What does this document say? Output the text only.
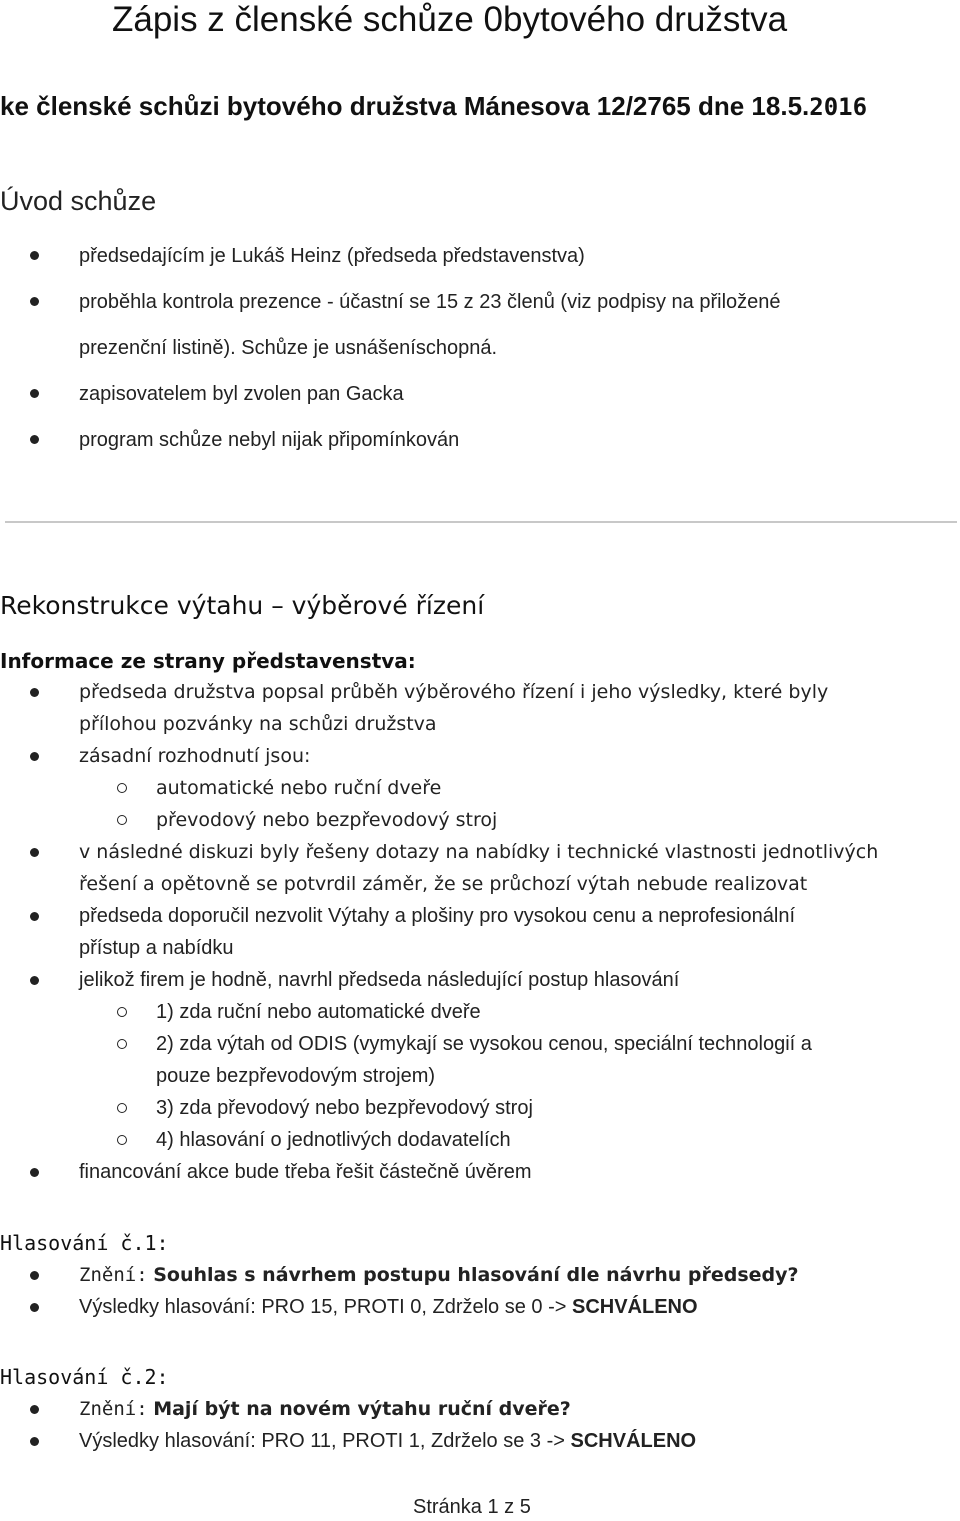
Zápis z členské schůze 0bytového družstva
ke členské schůzi bytového družstva Mánesova 12/2765 dne 18.5.2016
Úvod schůze
předsedajícím je Lukáš Heinz (předseda představenstva)
proběhla kontrola prezence - účastní se 15 z 23 členů (viz podpisy na přiložené
prezenční listině). Schůze je usnášeníschopná.
zapisovatelem byl zvolen pan Gacka
program schůze nebyl nijak připomínkován
Rekonstrukce výtahu – výběrové řízení
Informace ze strany představenstva:
předseda družstva popsal průběh výběrového řízení i jeho výsledky, které byly
přílohou pozvánky na schůzi družstva
zásadní rozhodnutí jsou:
automatické nebo ruční dveře
převodový nebo bezpřevodový stroj
v následné diskuzi byly řešeny dotazy na nabídky i technické vlastnosti jednotlivých
řešení a opětovně se potvrdil záměr, že se průchozí výtah nebude realizovat
předseda doporučil nezvolit Výtahy a plošiny pro vysokou cenu a neprofesionální
přístup a nabídku
jelikož firem je hodně, navrhl předseda následující postup hlasování
1) zda ruční nebo automatické dveře
2) zda výtah od ODIS (vymykají se vysokou cenou, speciální technologií a
pouze bezpřevodovým strojem)
3) zda převodový nebo bezpřevodový stroj
4) hlasování o jednotlivých dodavatelích
financování akce bude třeba řešit částečně úvěrem
Hlasování č.1:
Znění: Souhlas s návrhem postupu hlasování dle návrhu předsedy?
Výsledky hlasování: PRO 15, PROTI 0, Zdrželo se 0 -> SCHVÁLENO
Hlasování č.2:
Znění: Mají být na novém výtahu ruční dveře?
Výsledky hlasování: PRO 11, PROTI 1, Zdrželo se 3 -> SCHVÁLENO

Stránka 1 z 5
